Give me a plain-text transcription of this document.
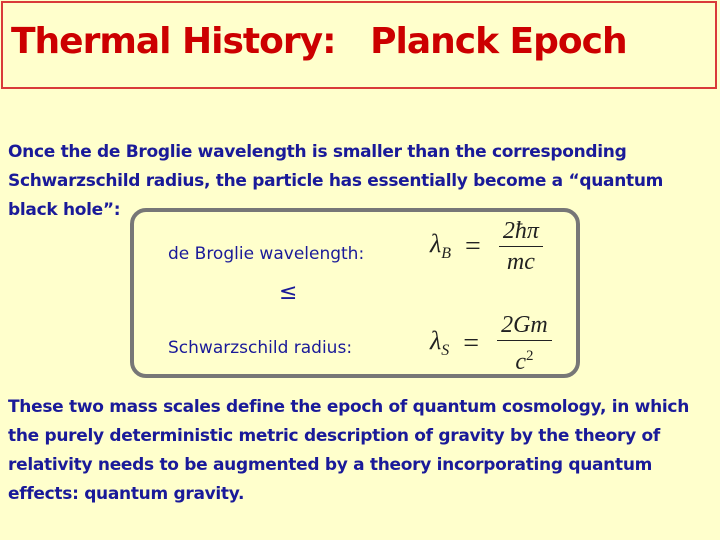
Thermal History:   Planck Epoch
Once the de Broglie wavelength is smaller than the corresponding Schwarzschild radius, the particle has essentially become a “quantum black hole”:
de Broglie wavelength:	$\lambda_B = \frac{2ħ\pi}{mc}$
≤
Schwarzschild radius:	$\lambda_S = \frac{2Gm}{c^2}$
These two mass scales define the epoch of quantum cosmology, in which the purely deterministic metric description of gravity by the theory of relativity needs to be augmented by a theory incorporating quantum effects: quantum gravity.
